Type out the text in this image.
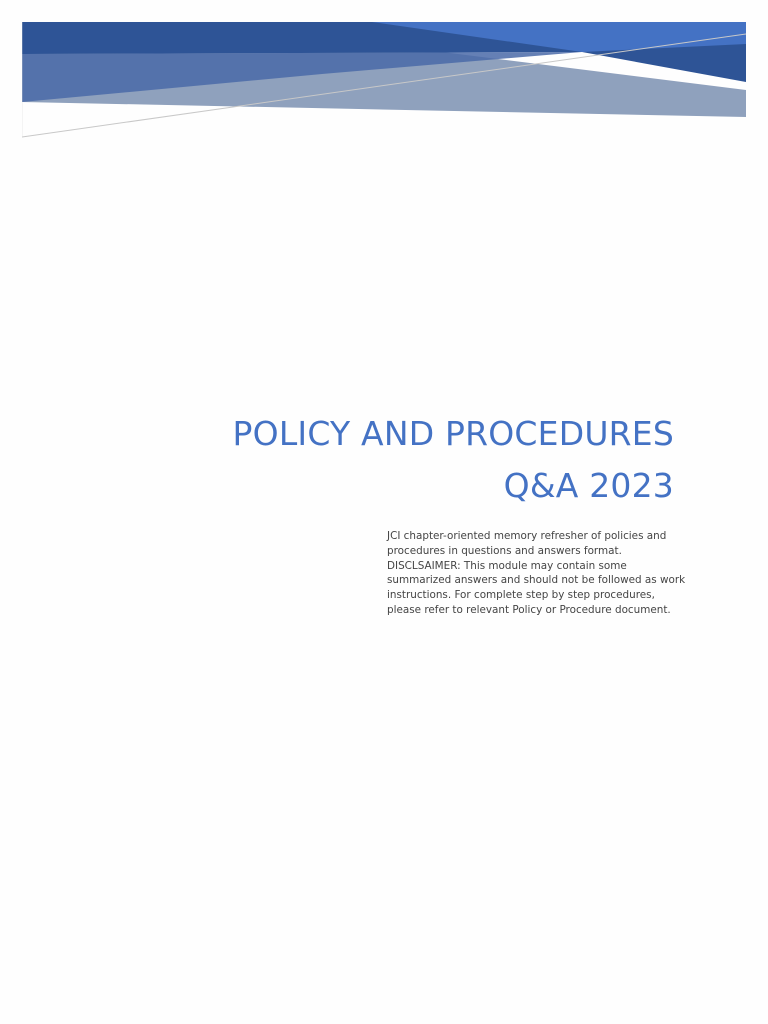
POLICY AND PROCEDURES
Q&A 2023
JCI chapter-oriented memory refresher of policies and procedures in questions and answers format. DISCLSAIMER: This module may contain some summarized answers and should not be followed as work instructions. For complete step by step procedures, please refer to relevant Policy or Procedure document.
